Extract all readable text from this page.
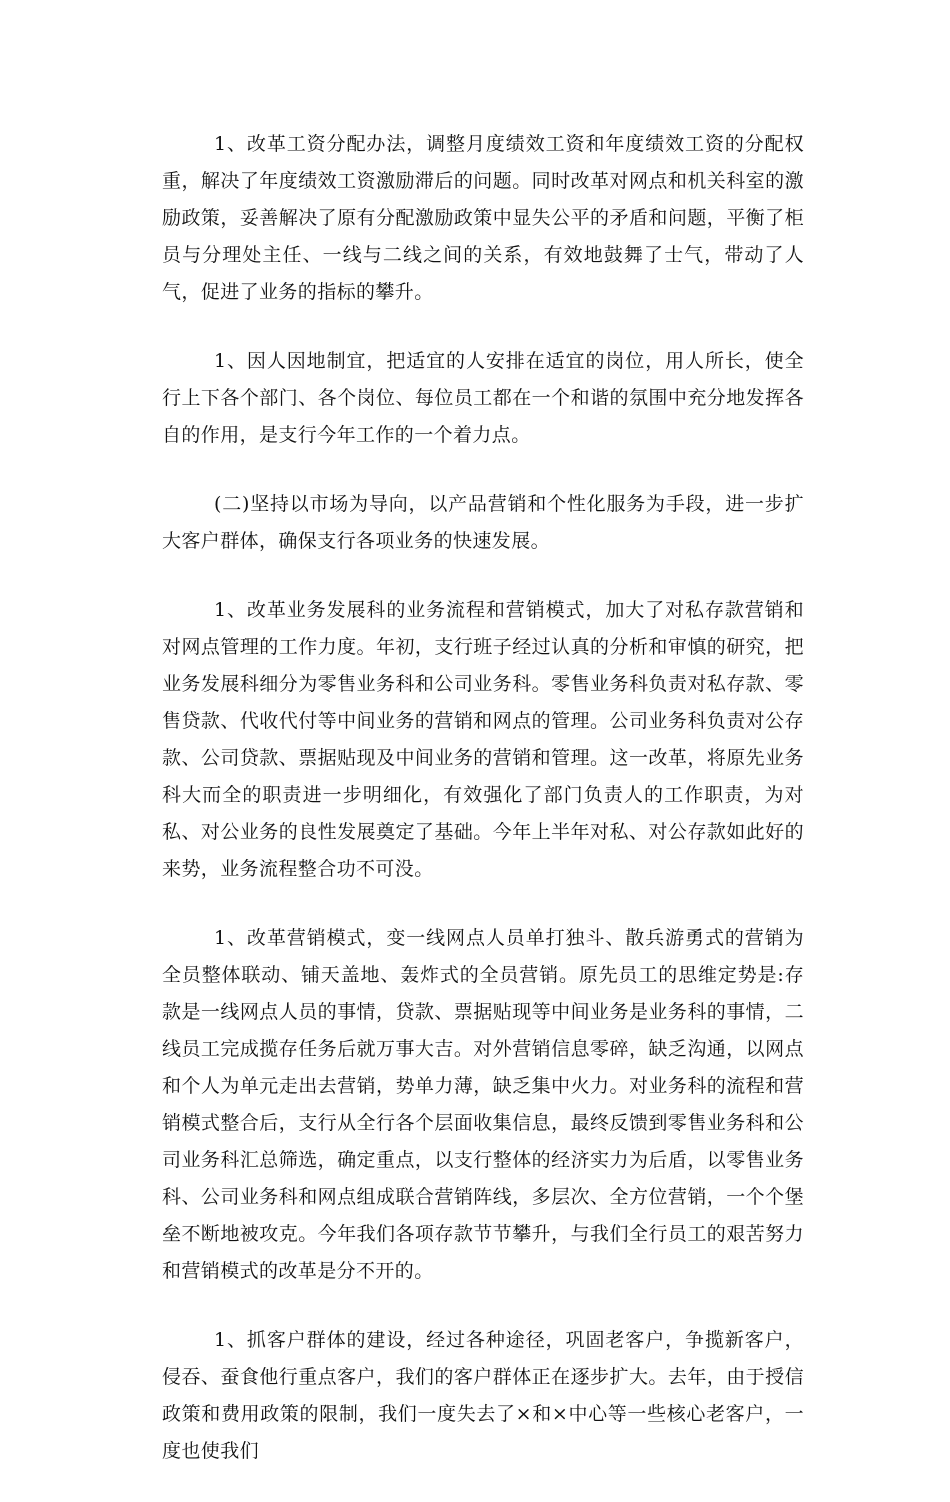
1、改革工资分配办法，调整月度绩效工资和年度绩效工资的分配权重，解决了年度绩效工资激励滞后的问题。同时改革对网点和机关科室的激励政策，妥善解决了原有分配激励政策中显失公平的矛盾和问题，平衡了柜员与分理处主任、一线与二线之间的关系，有效地鼓舞了士气，带动了人气，促进了业务的指标的攀升。

1、因人因地制宜，把适宜的人安排在适宜的岗位，用人所长，使全行上下各个部门、各个岗位、每位员工都在一个和谐的氛围中充分地发挥各自的作用，是支行今年工作的一个着力点。

(二)坚持以市场为导向，以产品营销和个性化服务为手段，进一步扩大客户群体，确保支行各项业务的快速发展。

1、改革业务发展科的业务流程和营销模式，加大了对私存款营销和对网点管理的工作力度。年初，支行班子经过认真的分析和审慎的研究，把业务发展科细分为零售业务科和公司业务科。零售业务科负责对私存款、零售贷款、代收代付等中间业务的营销和网点的管理。公司业务科负责对公存款、公司贷款、票据贴现及中间业务的营销和管理。这一改革，将原先业务科大而全的职责进一步明细化，有效强化了部门负责人的工作职责，为对私、对公业务的良性发展奠定了基础。今年上半年对私、对公存款如此好的来势，业务流程整合功不可没。

1、改革营销模式，变一线网点人员单打独斗、散兵游勇式的营销为全员整体联动、铺天盖地、轰炸式的全员营销。原先员工的思维定势是:存款是一线网点人员的事情，贷款、票据贴现等中间业务是业务科的事情，二线员工完成揽存任务后就万事大吉。对外营销信息零碎，缺乏沟通，以网点和个人为单元走出去营销，势单力薄，缺乏集中火力。对业务科的流程和营销模式整合后，支行从全行各个层面收集信息，最终反馈到零售业务科和公司业务科汇总筛选，确定重点，以支行整体的经济实力为后盾，以零售业务科、公司业务科和网点组成联合营销阵线，多层次、全方位营销，一个个堡垒不断地被攻克。今年我们各项存款节节攀升，与我们全行员工的艰苦努力和营销模式的改革是分不开的。

1、抓客户群体的建设，经过各种途径，巩固老客户，争揽新客户，侵吞、蚕食他行重点客户，我们的客户群体正在逐步扩大。去年，由于授信政策和费用政策的限制，我们一度失去了×和×中心等一些核心老客户，一度也使我们
